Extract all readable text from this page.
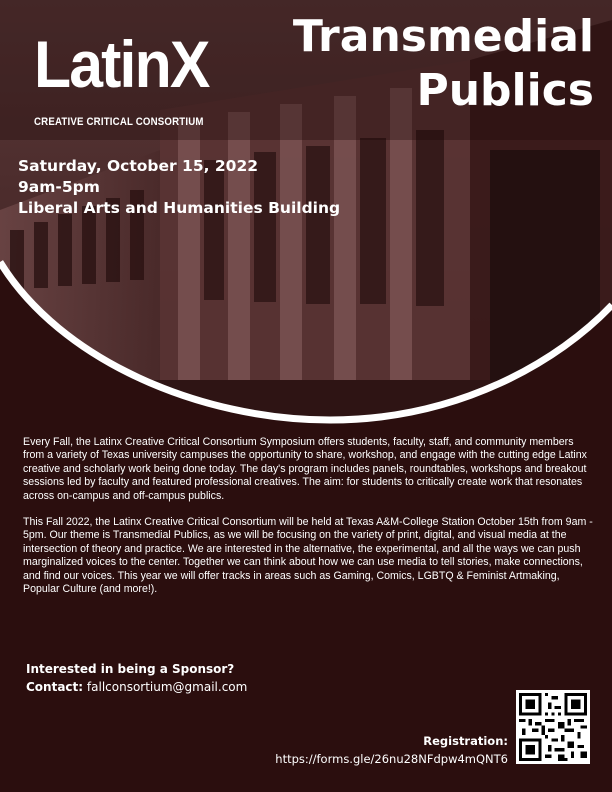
LatinX
CREATIVE CRITICAL CONSORTIUM
Transmedial
Publics
Saturday, October 15, 2022
9am-5pm
Liberal Arts and Humanities Building

Every Fall, the Latinx Creative Critical Consortium Symposium offers students, faculty, staff, and community members from a variety of Texas university campuses the opportunity to share, workshop, and engage with the cutting edge Latinx creative and scholarly work being done today. The day's program includes panels, roundtables, workshops and breakout sessions led by faculty and featured professional creatives. The aim: for students to critically create work that resonates across on-campus and off-campus publics.

This Fall 2022, the Latinx Creative Critical Consortium will be held at Texas A&M-College Station October 15th from 9am - 5pm. Our theme is Transmedial Publics, as we will be focusing on the variety of print, digital, and visual media at the intersection of theory and practice. We are interested in the alternative, the experimental, and all the ways we can push marginalized voices to the center. Together we can think about how we can use media to tell stories, make connections, and find our voices. This year we will offer tracks in areas such as Gaming, Comics, LGBTQ & Feminist Artmaking, Popular Culture (and more!).

Interested in being a Sponsor?
Contact: fallconsortium@gmail.com
Registration:
https://forms.gle/26nu28NFdpw4mQNT6
